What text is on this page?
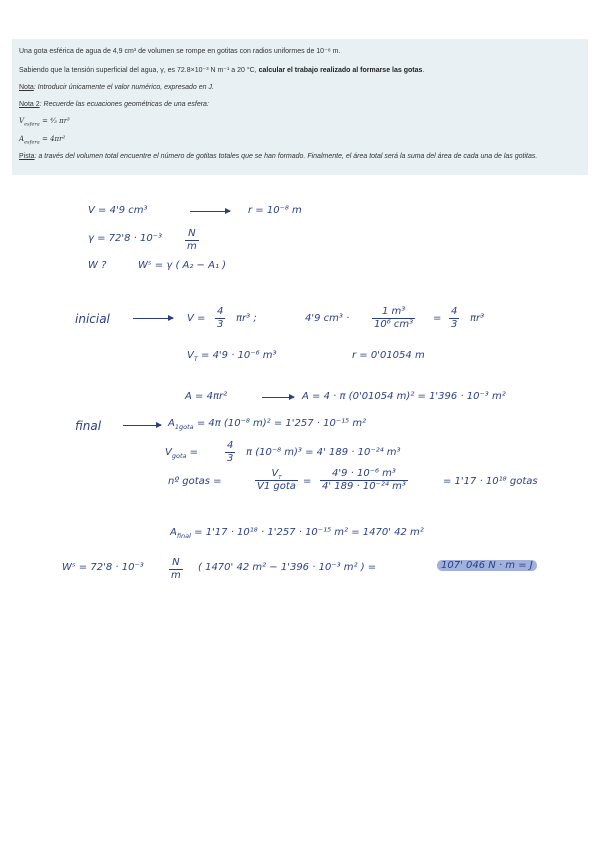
Una gota esférica de agua de 4,9 cm³ de volumen se rompe en gotitas con radios uniformes de 10⁻⁸ m.
Sabiendo que la tensión superficial del agua, γ, es 72.8×10⁻³ N m⁻¹ a 20 °C, calcular el trabajo realizado al formarse las gotas.
Nota: Introducir únicamente el valor numérico, expresado en J.
Nota 2: Recuerde las ecuaciones geométricas de una esfera:
$V_{esfera}$ = ⁴⁄₃ πr³
$A_{esfera} = 4\pi r^2$
Pista: a través del volumen total encuentre el número de gotitas totales que se han formado. Finalmente, el área total será la suma del área de cada una de las gotitas.
V = 4'9 cm³	r = 10⁻⁸ m
$\gamma = 72'8 \cdot 10^{-3} \frac{N}{m}$
W ?	Wˢ = γ ( A₂ − A₁ )
inicial	$V = \frac{4}{3} \pi r^3$ ;	4'9 $cm^3 \cdot \frac{\text{1 m³}}{\text{10⁶ cm³}} = \frac{4}{3} \pi r^3$
$V_T = 4'9 \cdot 10^{-6}$ m³	r = 0'01054 m
A = 4πr²	A = 4 · π (0'01054 m)² = 1'396 · 10⁻³ m²
final	$A_{1gota} = 4\pi$ (10⁻⁸ m)² = 1'257 · 10⁻¹⁵ m²
$V_{gota}$ =	$\frac{4}{3}$ π (10⁻⁸ m)³ = 4' 189 · 10⁻²⁴ m³
nº gotas =
$V_T$
V1 gota = $\frac{\text{4'9 · 10⁻⁶ m³}}{\text{4' 189 · 10⁻²⁴ m³}}$	= 1'17 · 10¹⁸ gotas
$A_{final} = 1'17 \cdot 10^{18} \cdot 1'257 \cdot 10^{-15}$ m² = 1470' 42 m²
Wˢ = 72'8 · 10⁻³	$\frac{N}{m}$ ( 1470' 42 m² − 1'396 · 10⁻³ m² ) =	107' 046 N · m = J
